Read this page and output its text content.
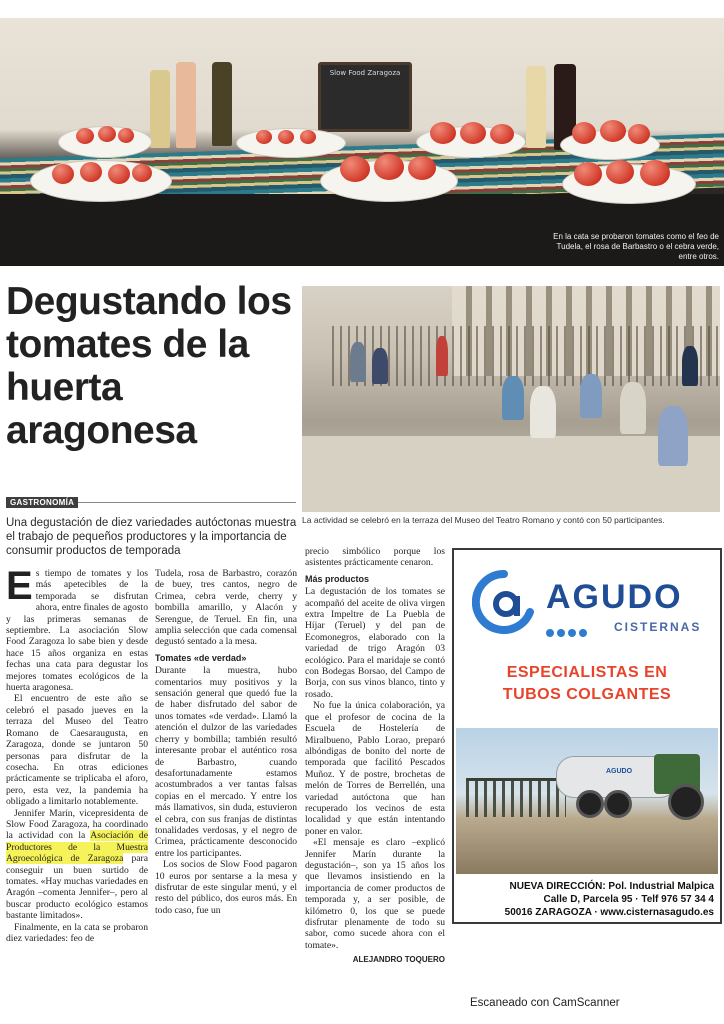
Slow Food Zaragoza
En la cata se probaron tomates como el feo de Tudela, el rosa de Barbastro o el cebra verde, entre otros.
Degustando los tomates de la huerta aragonesa
GASTRONOMÍA
Una degustación de diez variedades autóctonas muestra el trabajo de pequeños productores y la importancia de consumir productos de temporada
La actividad se celebró en la terraza del Museo del Teatro Romano y contó con 50 participantes.

Es tiempo de tomates y los más apetecibles de la temporada se disfrutan ahora, entre finales de agosto y las primeras semanas de septiembre. La asociación Slow Food Zaragoza lo sabe bien y desde hace 15 años organiza en estas fechas una cata para degustar los mejores tomates ecológicos de la huerta aragonesa.

El encuentro de este año se celebró el pasado jueves en la terraza del Museo del Teatro Romano de Caesaraugusta, en Zaragoza, donde se juntaron 50 personas para disfrutar de la cosecha. En otras ediciones prácticamente se triplicaba el aforo, pero, esta vez, la pandemia ha obligado a limitarlo notablemente.

Jennifer Marín, vicepresidenta de Slow Food Zaragoza, ha coordinado la actividad con la Asociación de Productores de la Muestra Agroecológica de Zaragoza para conseguir un buen surtido de tomates. «Hay muchas variedades en Aragón –comenta Jennifer–, pero al buscar producto ecológico estamos bastante limitados».

Finalmente, en la cata se probaron diez variedades: feo de

Tudela, rosa de Barbastro, corazón de buey, tres cantos, negro de Crimea, cebra verde, cherry y bombilla amarillo, y Alacón y Serengue, de Teruel. En fin, una amplia selección que cada comensal degustó sentado a la mesa.

Tomates «de verdad»

Durante la muestra, hubo comentarios muy positivos y la sensación general que quedó fue la de haber disfrutado del sabor de unos tomates «de verdad». Llamó la atención el dulzor de las variedades cherry y bombilla; también resultó interesante probar el auténtico rosa de Barbastro, cuando desafortunadamente estamos acostumbrados a ver tantas falsas copias en el mercado. Y entre los más llamativos, sin duda, estuvieron el cebra, con sus franjas de distintas tonalidades verdosas, y el negro de Crimea, prácticamente desconocido entre los participantes.

Los socios de Slow Food pagaron 10 euros por sentarse a la mesa y disfrutar de este singular menú, y el resto del público, dos euros más. En todo caso, fue un

precio simbólico porque los asistentes prácticamente cenaron.

Más productos

La degustación de los tomates se acompañó del aceite de oliva virgen extra Impeltre de La Puebla de Híjar (Teruel) y del pan de Ecomonegros, elaborado con la variedad de trigo Aragón 03 ecológico. Para el maridaje se contó con Bodegas Borsao, del Campo de Borja, con sus vinos blanco, tinto y rosado.

No fue la única colaboración, ya que el profesor de cocina de la Escuela de Hostelería de Miralbueno, Pablo Lorao, preparó albóndigas de bonito del norte de temporada que facilitó Pescados Muñoz. Y de postre, brochetas de melón de Torres de Berrellén, una variedad autóctona que han recuperado los vecinos de esta localidad y que están intentando poner en valor.

«El mensaje es claro –explicó Jennifer Marín durante la degustación–, son ya 15 años los que llevamos insistiendo en la importancia de comer productos de temporada y, a ser posible, de kilómetro 0, los que se puede disfrutar plenamente de todo su sabor, como sucede ahora con el tomate».

ALEJANDRO TOQUERO
AGUDO
CISTERNAS
ESPECIALISTAS EN
TUBOS COLGANTES
AGUDO
NUEVA DIRECCIÓN: Pol. Industrial Malpica
Calle D, Parcela 95 · Telf 976 57 34 4
50016 ZARAGOZA · www.cisternasagudo.es
Escaneado con CamScanner
